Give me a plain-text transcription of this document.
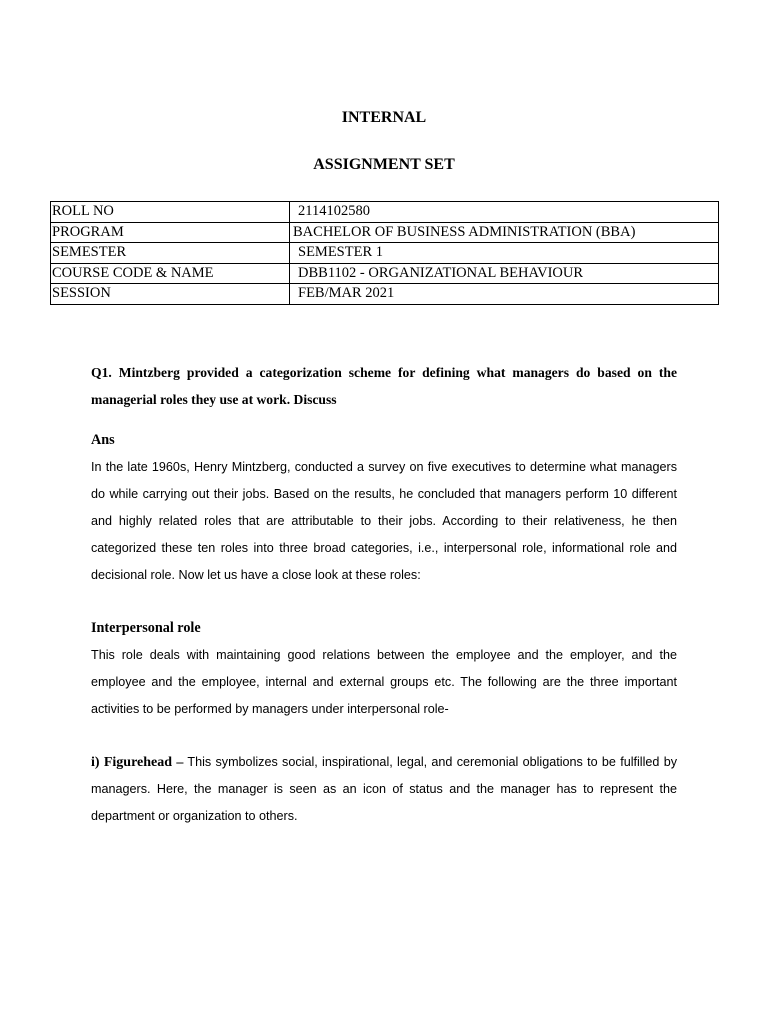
INTERNAL
ASSIGNMENT SET
ROLL NO	2114102580
PROGRAM	BACHELOR OF BUSINESS ADMINISTRATION (BBA)
SEMESTER	SEMESTER 1
COURSE CODE & NAME	DBB1102 - ORGANIZATIONAL BEHAVIOUR
SESSION	FEB/MAR 2021
Q1. Mintzberg provided a categorization scheme for defining what managers do based on the managerial roles they use at work. Discuss
Ans
In the late 1960s, Henry Mintzberg, conducted a survey on five executives to determine what managers do while carrying out their jobs. Based on the results, he concluded that managers perform 10 different and highly related roles that are attributable to their jobs. According to their relativeness, he then categorized these ten roles into three broad categories, i.e., interpersonal role, informational role and decisional role. Now let us have a close look at these roles:
Interpersonal role
This role deals with maintaining good relations between the employee and the employer, and the employee and the employee, internal and external groups etc. The following are the three important activities to be performed by managers under interpersonal role-
i) Figurehead – This symbolizes social, inspirational, legal, and ceremonial obligations to be fulfilled by managers. Here, the manager is seen as an icon of status and the manager has to represent the department or organization to others.
